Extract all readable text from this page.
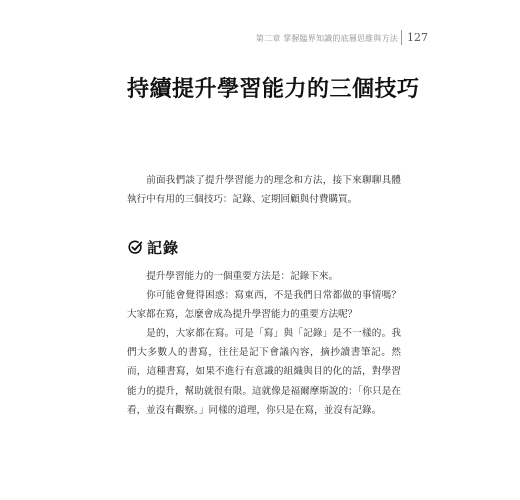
第二章 掌握臨界知識的底層思維與方法 127
持續提升學習能力的三個技巧

前面我們談了提升學習能力的理念和方法，接下來聊聊具體執行中有用的三個技巧：記錄、定期回顧與付費購買。

記錄

提升學習能力的一個重要方法是：記錄下來。

你可能會覺得困惑：寫東西，不是我們日常都做的事情嗎？大家都在寫，怎麼會成為提升學習能力的重要方法呢？

是的，大家都在寫。可是「寫」與「記錄」是不一樣的。我們大多數人的書寫，往往是記下會議內容，摘抄讀書筆記。然而，這種書寫，如果不進行有意識的組織與目的化的話，對學習能力的提升，幫助就很有限。這就像是福爾摩斯說的：「你只是在看，並沒有觀察。」同樣的道理，你只是在寫，並沒有記錄。
